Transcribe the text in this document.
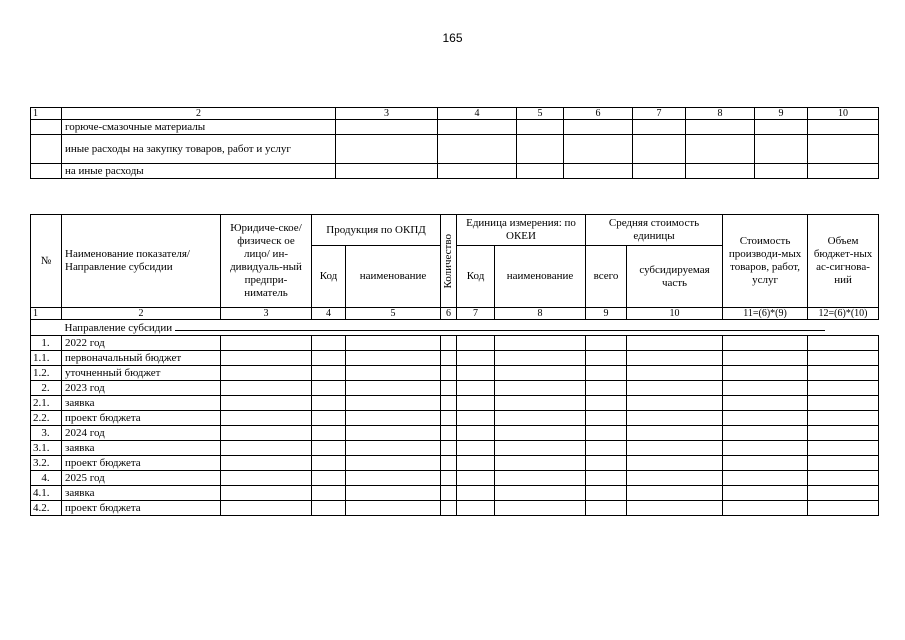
165
1	2	3	4	5	6	7	8	9	10
	горюче-смазочные материалы								
	иные расходы на закупку товаров, работ и услуг								
	на иные расходы								
№	Наименование показателя/ Направление субсидии	Юридиче-ское/физическ ое лицо/ ин-дивидуаль-ный предпри-ниматель	Продукция по ОКПД		Количество	Единица измерения: по ОКЕИ		Средняя стоимость единицы		Стоимость производи-мых товаров, работ, услуг	Объем бюджет-ных ас-сигнова-ний
			Код	наименование		Код	наименование	всего	субсидируемая часть		
1	2	3	4	5	6	7	8	9	10	11=(6)*(9)	12=(6)*(10)
	Направление субсидии										
1.	2022 год										
1.1.	первоначальный бюджет										
1.2.	уточненный бюджет										
2.	2023 год										
2.1.	заявка										
2.2.	проект бюджета										
3.	2024 год										
3.1.	заявка										
3.2.	проект бюджета										
4.	2025 год										
4.1.	заявка										
4.2.	проект бюджета										
